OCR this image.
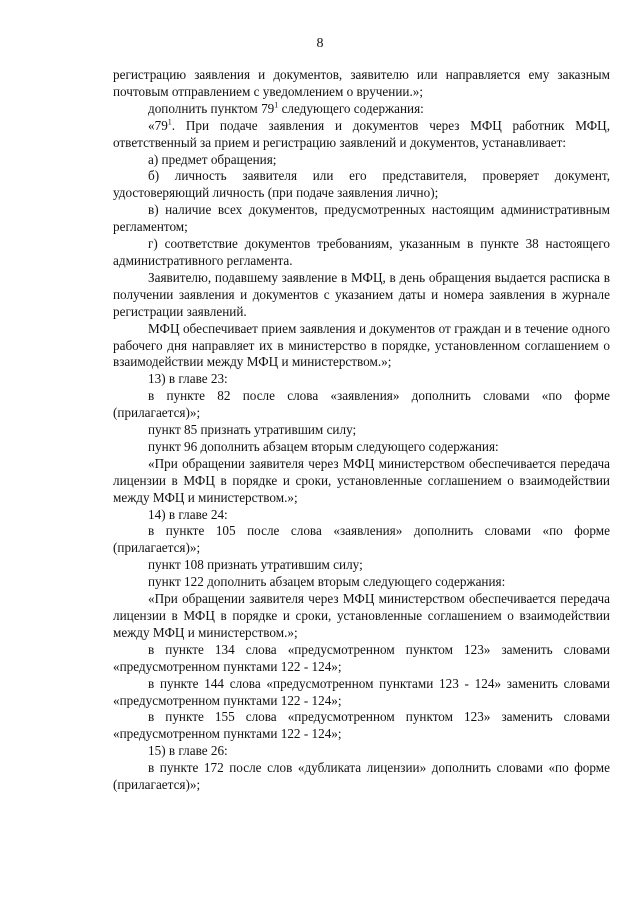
8

регистрацию заявления и документов, заявителю или направляется ему заказным почтовым отправлением с уведомлением о вручении.»;

дополнить пунктом $79^1$ следующего содержания:

«$79^1$. При подаче заявления и документов через МФЦ работник МФЦ, ответственный за прием и регистрацию заявлений и документов, устанавливает:

а) предмет обращения;

б) личность заявителя или его представителя, проверяет документ, удостоверяющий личность (при подаче заявления лично);

в) наличие всех документов, предусмотренных настоящим административным регламентом;

г) соответствие документов требованиям, указанным в пункте 38 настоящего административного регламента.

Заявителю, подавшему заявление в МФЦ, в день обращения выдается расписка в получении заявления и документов с указанием даты и номера заявления в журнале регистрации заявлений.

МФЦ обеспечивает прием заявления и документов от граждан и в течение одного рабочего дня направляет их в министерство в порядке, установленном соглашением о взаимодействии между МФЦ и министерством.»;

13) в главе 23:

в пункте 82 после слова «заявления» дополнить словами «по форме (прилагается)»;

пункт 85 признать утратившим силу;

пункт 96 дополнить абзацем вторым следующего содержания:

«При обращении заявителя через МФЦ министерством обеспечивается передача лицензии в МФЦ в порядке и сроки, установленные соглашением о взаимодействии между МФЦ и министерством.»;

14) в главе 24:

в пункте 105 после слова «заявления» дополнить словами «по форме (прилагается)»;

пункт 108 признать утратившим силу;

пункт 122 дополнить абзацем вторым следующего содержания:

«При обращении заявителя через МФЦ министерством обеспечивается передача лицензии в МФЦ в порядке и сроки, установленные соглашением о взаимодействии между МФЦ и министерством.»;

в пункте 134 слова «предусмотренном пунктом 123» заменить словами «предусмотренном пунктами 122 - 124»;

в пункте 144 слова «предусмотренном пунктами 123 - 124» заменить словами «предусмотренном пунктами 122 - 124»;

в пункте 155 слова «предусмотренном пунктом 123» заменить словами «предусмотренном пунктами 122 - 124»;

15) в главе 26:

в пункте 172 после слов «дубликата лицензии» дополнить словами «по форме (прилагается)»;
